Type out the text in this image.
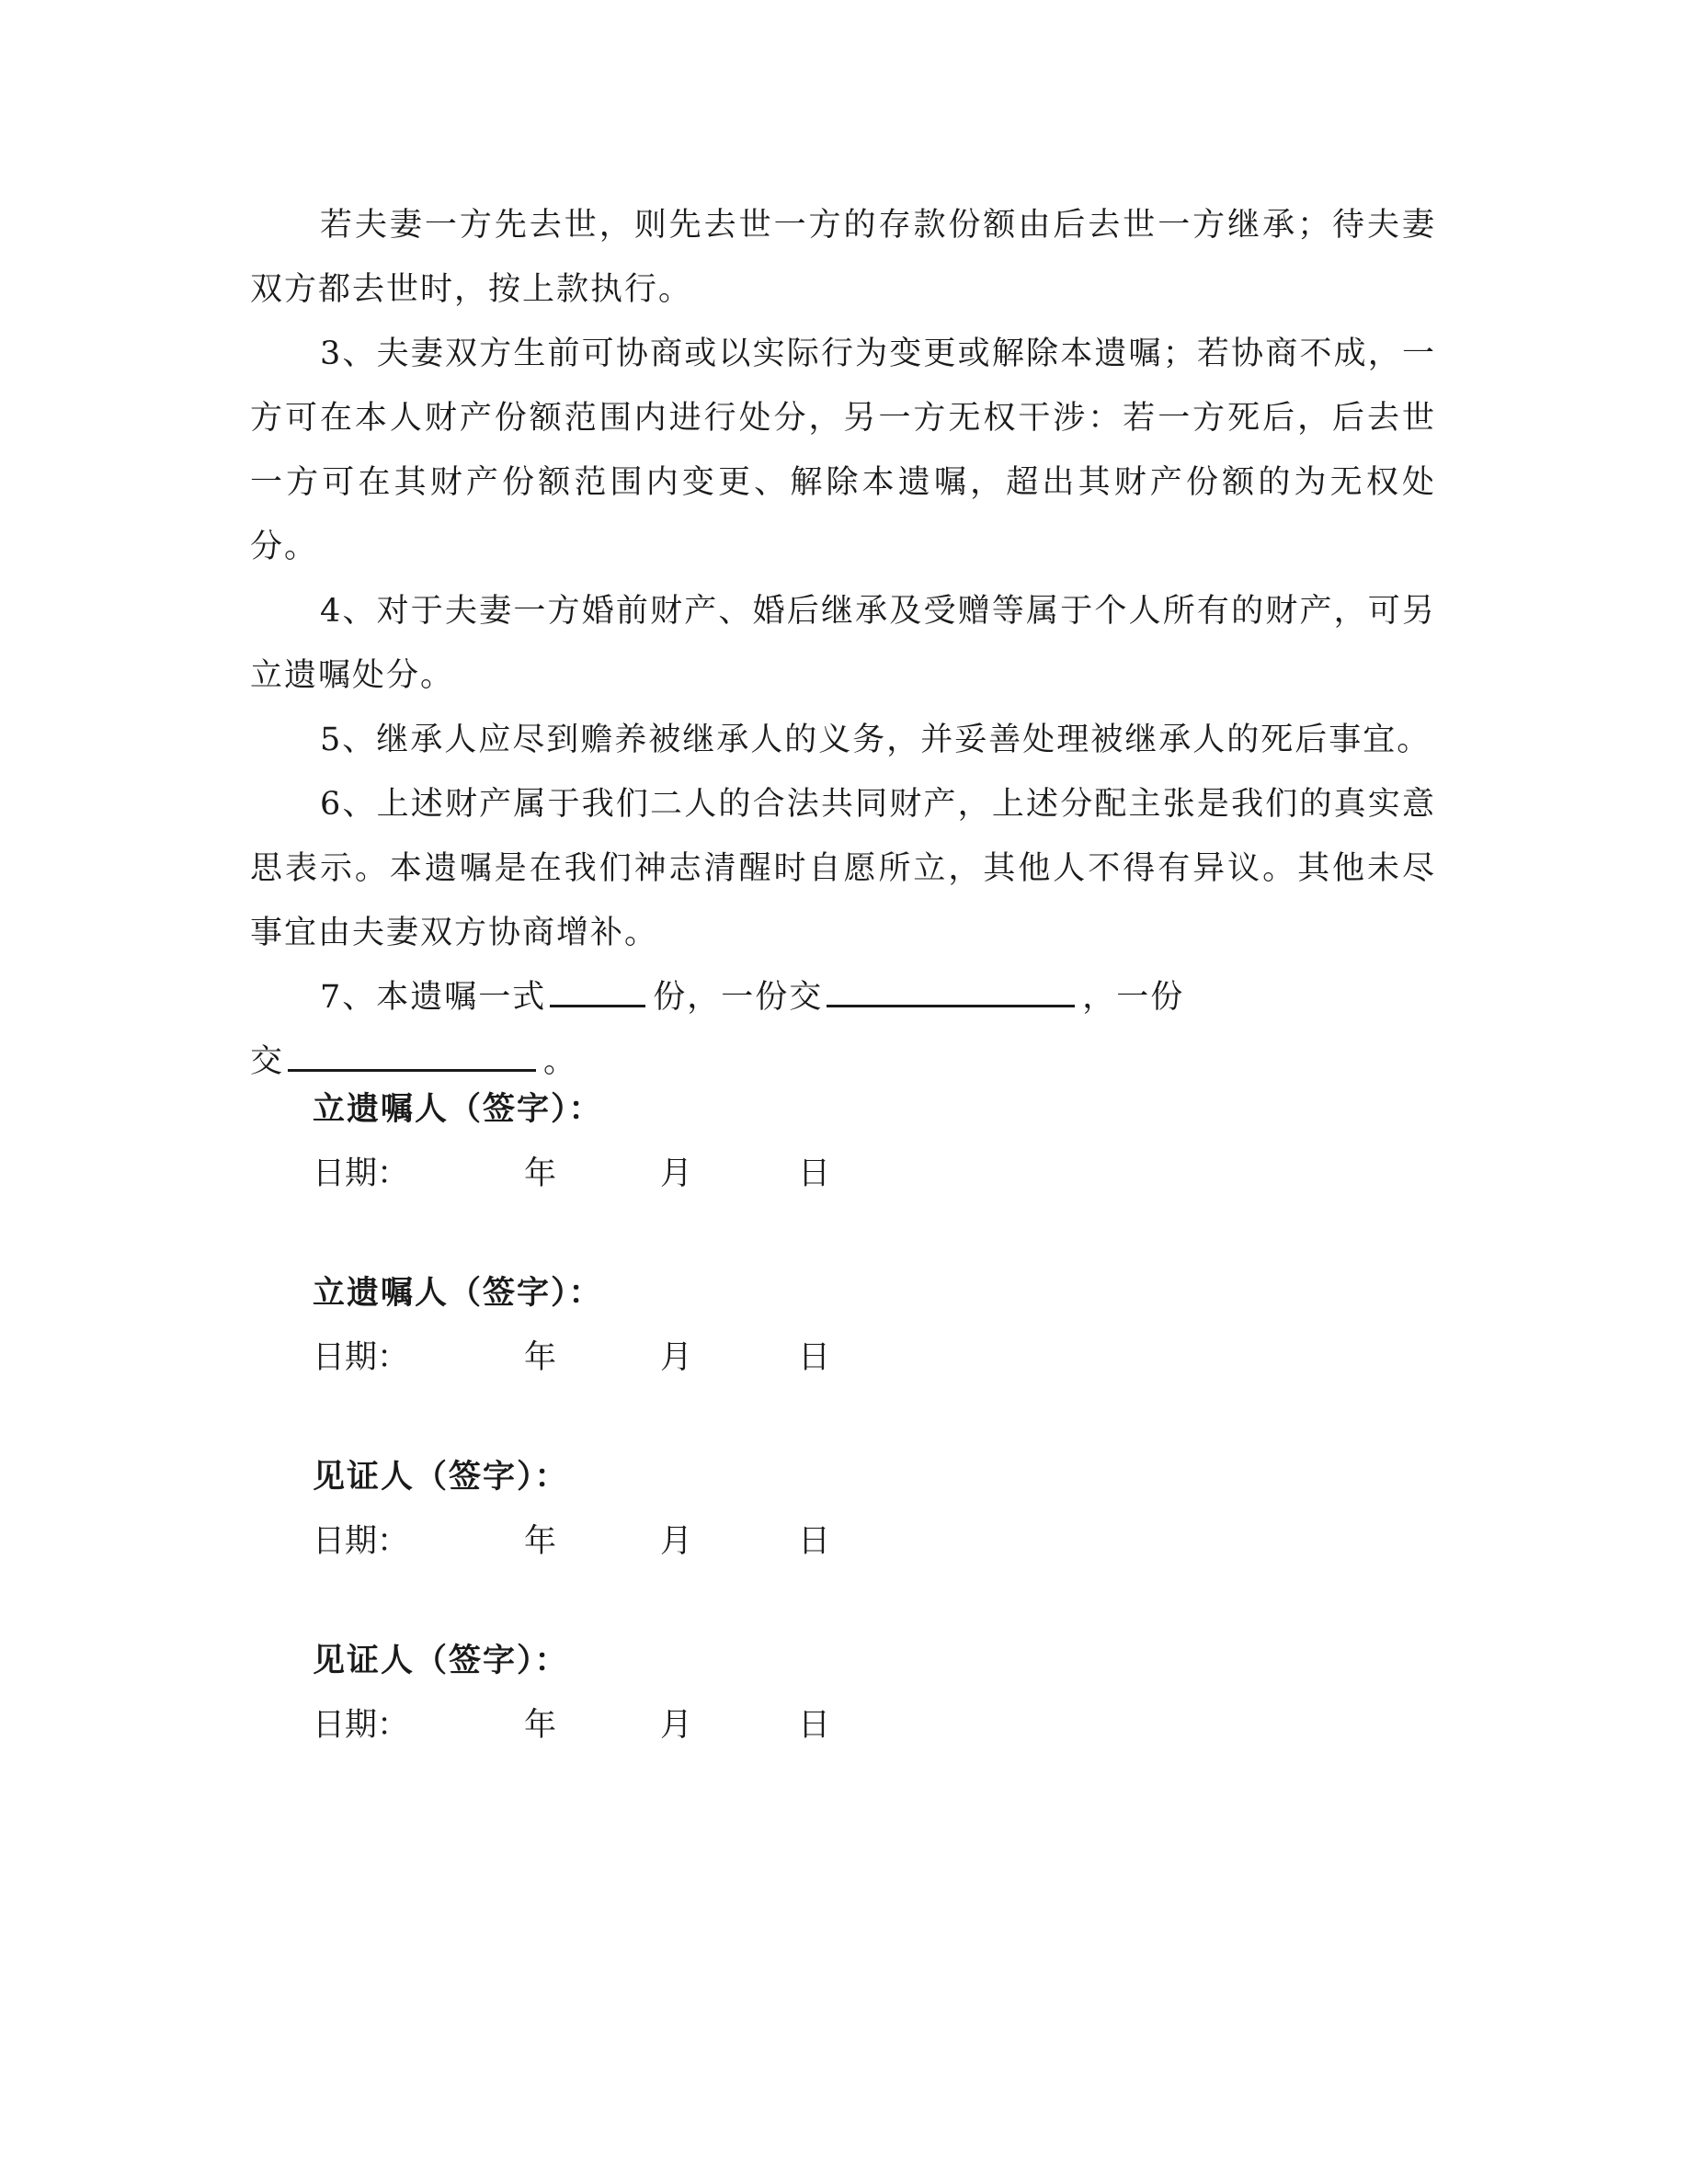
若夫妻一方先去世，则先去世一方的存款份额由后去世一方继承；待夫妻双方都去世时，按上款执行。

3、夫妻双方生前可协商或以实际行为变更或解除本遗嘱；若协商不成，一方可在本人财产份额范围内进行处分，另一方无权干涉：若一方死后，后去世一方可在其财产份额范围内变更、解除本遗嘱，超出其财产份额的为无权处分。

4、对于夫妻一方婚前财产、婚后继承及受赠等属于个人所有的财产，可另立遗嘱处分。

5、继承人应尽到赡养被继承人的义务，并妥善处理被继承人的死后事宜。

6、上述财产属于我们二人的合法共同财产，上述分配主张是我们的真实意思表示。本遗嘱是在我们神志清醒时自愿所立，其他人不得有异议。其他未尽事宜由夫妻双方协商增补。

7、本遗嘱一式	份，一份交	，一份
交	。

立遗嘱人（签字）：
日期：	年	月	日
立遗嘱人（签字）：
日期：	年	月	日
见证人（签字）：
日期：	年	月	日
见证人（签字）：
日期：	年	月	日
